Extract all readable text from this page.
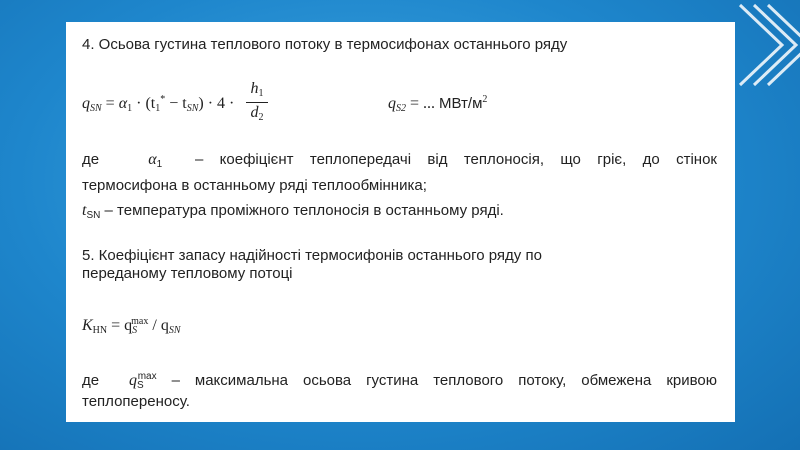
4. Осьова густина теплового потоку в термосифонах останнього ряду
$q_{SN} = \alpha_1 \cdot (t_1^* - t_{SN}) \cdot 4$ ·
$h_1$
$d_2$
$q_{S2}$ = ... МВт/$м^2$
де	$\alpha_1$ – коефіцієнт теплопередачі від теплоносія, що гріє, до стінок
термосифона в останньому ряді теплообмінника;
$t_{SN}$ – температура проміжного теплоносія в останньому ряді.
5. Коефіцієнт запасу надійності термосифонів останнього ряду по
переданому тепловому потоці
$K_{HN} = q_S^{max} / q_{SN}$
де $q_S^{max}$ – максимальна осьова густина теплового потоку, обмежена кривою
теплопереносу.
